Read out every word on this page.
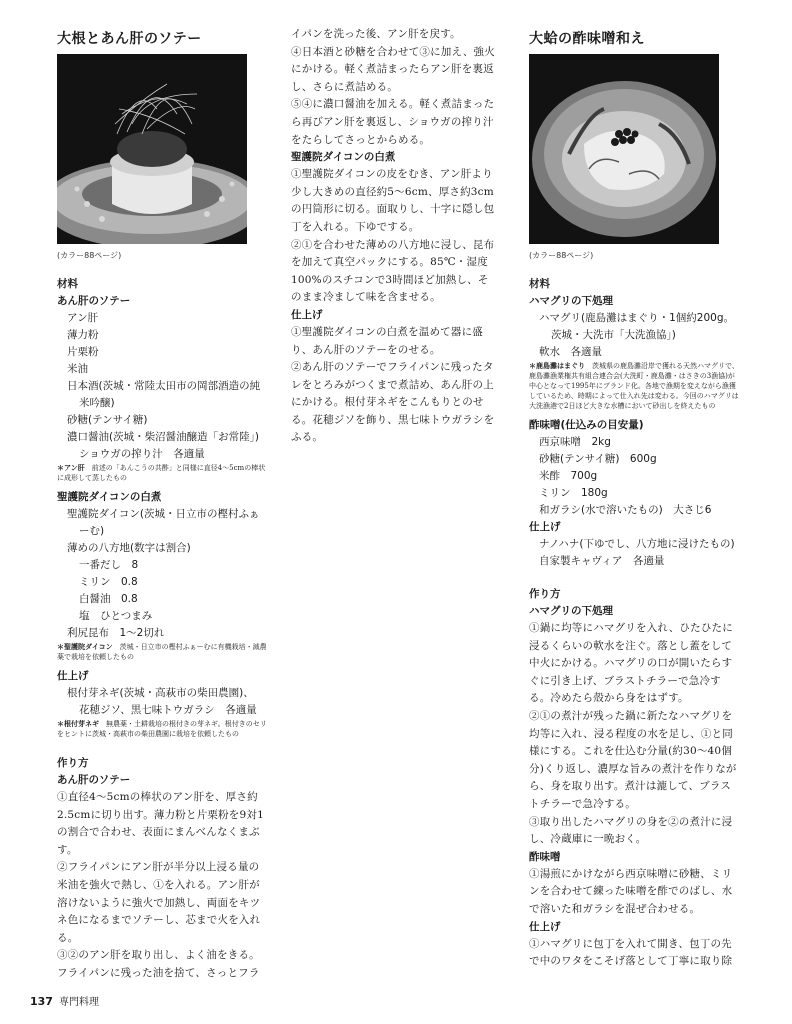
大根とあん肝のソテー
(カラー88ページ)

材料

あん肝のソテー

アン肝

薄力粉

片栗粉

米油

日本酒(茨城・常陸太田市の岡部酒造の純

米吟醸)

砂糖(テンサイ糖)

濃口醤油(茨城・柴沼醤油醸造「お常陸」)

ショウガの搾り汁　各適量

＊アン肝　 前述の「あんこうの共酢」と同様に直径4〜5cmの棒状に成形して蒸したもの

聖護院ダイコンの白煮

聖護院ダイコン(茨城・日立市の樫村ふぁ

ーむ)

薄めの八方地(数字は割合)

一番だし　8

ミリン　0.8

白醤油　0.8

塩　ひとつまみ

利尻昆布　1〜2切れ

＊聖護院ダイコン　 茨城・日立市の樫村ふぁーむに有機栽培・減農薬で栽培を依頼したもの

仕上げ

根付芽ネギ(茨城・高萩市の柴田農園)、

花穂ジソ、黒七味トウガラシ　各適量

＊根付芽ネギ　 無農薬・土耕栽培の根付きの芽ネギ。根付きのセリをヒントに茨城・高萩市の柴田農園に栽培を依頼したもの

作り方

あん肝のソテー

①直径4〜5cmの棒状のアン肝を、厚さ約2.5cmに切り出す。薄力粉と片栗粉を9対1の割合で合わせ、表面にまんべんなくまぶす。

②フライパンにアン肝が半分以上浸る量の米油を強火で熱し、①を入れる。アン肝が溶けないように強火で加熱し、両面をキツネ色になるまでソテーし、芯まで火を入れる。

③②のアン肝を取り出し、よく油をきる。フライパンに残った油を捨て、さっとフラ

イパンを洗った後、アン肝を戻す。

④日本酒と砂糖を合わせて③に加え、強火にかける。軽く煮詰まったらアン肝を裏返し、さらに煮詰める。

⑤④に濃口醤油を加える。軽く煮詰まったら再びアン肝を裏返し、ショウガの搾り汁をたらしてさっとからめる。

聖護院ダイコンの白煮

①聖護院ダイコンの皮をむき、アン肝より少し大きめの直径約5〜6cm、厚さ約3cmの円筒形に切る。面取りし、十字に隠し包丁を入れる。下ゆでする。

②①を合わせた薄めの八方地に浸し、昆布を加えて真空パックにする。85℃・湿度100%のスチコンで3時間ほど加熱し、そのまま冷まして味を含ませる。

仕上げ

①聖護院ダイコンの白煮を温めて器に盛り、あん肝のソテーをのせる。

②あん肝のソテーでフライパンに残ったタレをとろみがつくまで煮詰め、あん肝の上にかける。根付芽ネギをこんもりとのせる。花穂ジソを飾り、黒七味トウガラシをふる。

大蛤の酢味噌和え
(カラー88ページ)

材料

ハマグリの下処理

ハマグリ(鹿島灘はまぐり・1個約200g。

茨城・大洗市「大洗漁協」)

軟水　各適量

＊鹿島灘はまぐり　 茨城県の鹿島灘沿岸で獲れる天然ハマグリで、鹿島灘漁業権共有組合連合会(大洗町・鹿島灘・はさきの3漁協)が中心となって1995年にブランド化。各地で漁期を変えながら漁獲しているため、時期によって仕入れ先は変わる。今回のハマグリは大洗漁港で2日ほど大きな水槽において砂出しを終えたもの

酢味噌(仕込みの目安量)

西京味噌　2kg

砂糖(テンサイ糖)　600g

米酢　700g

ミリン　180g

和ガラシ(水で溶いたもの)　大さじ6

仕上げ

ナノハナ(下ゆでし、八方地に浸けたもの)

自家製キャヴィア　各適量

作り方

ハマグリの下処理

①鍋に均等にハマグリを入れ、ひたひたに浸るくらいの軟水を注ぐ。落とし蓋をして中火にかける。ハマグリの口が開いたらすぐに引き上げ、ブラストチラーで急冷する。冷めたら殻から身をはずす。

②①の煮汁が残った鍋に新たなハマグリを均等に入れ、浸る程度の水を足し、①と同様にする。これを仕込む分量(約30〜40個分)くり返し、濃厚な旨みの煮汁を作りながら、身を取り出す。煮汁は漉して、ブラストチラーで急冷する。

③取り出したハマグリの身を②の煮汁に浸し、冷蔵庫に一晩おく。

酢味噌

①湯煎にかけながら西京味噌に砂糖、ミリンを合わせて練った味噌を酢でのばし、水で溶いた和ガラシを混ぜ合わせる。

仕上げ

①ハマグリに包丁を入れて開き、包丁の先で中のワタをこそげ落として丁寧に取り除

137 専門料理
